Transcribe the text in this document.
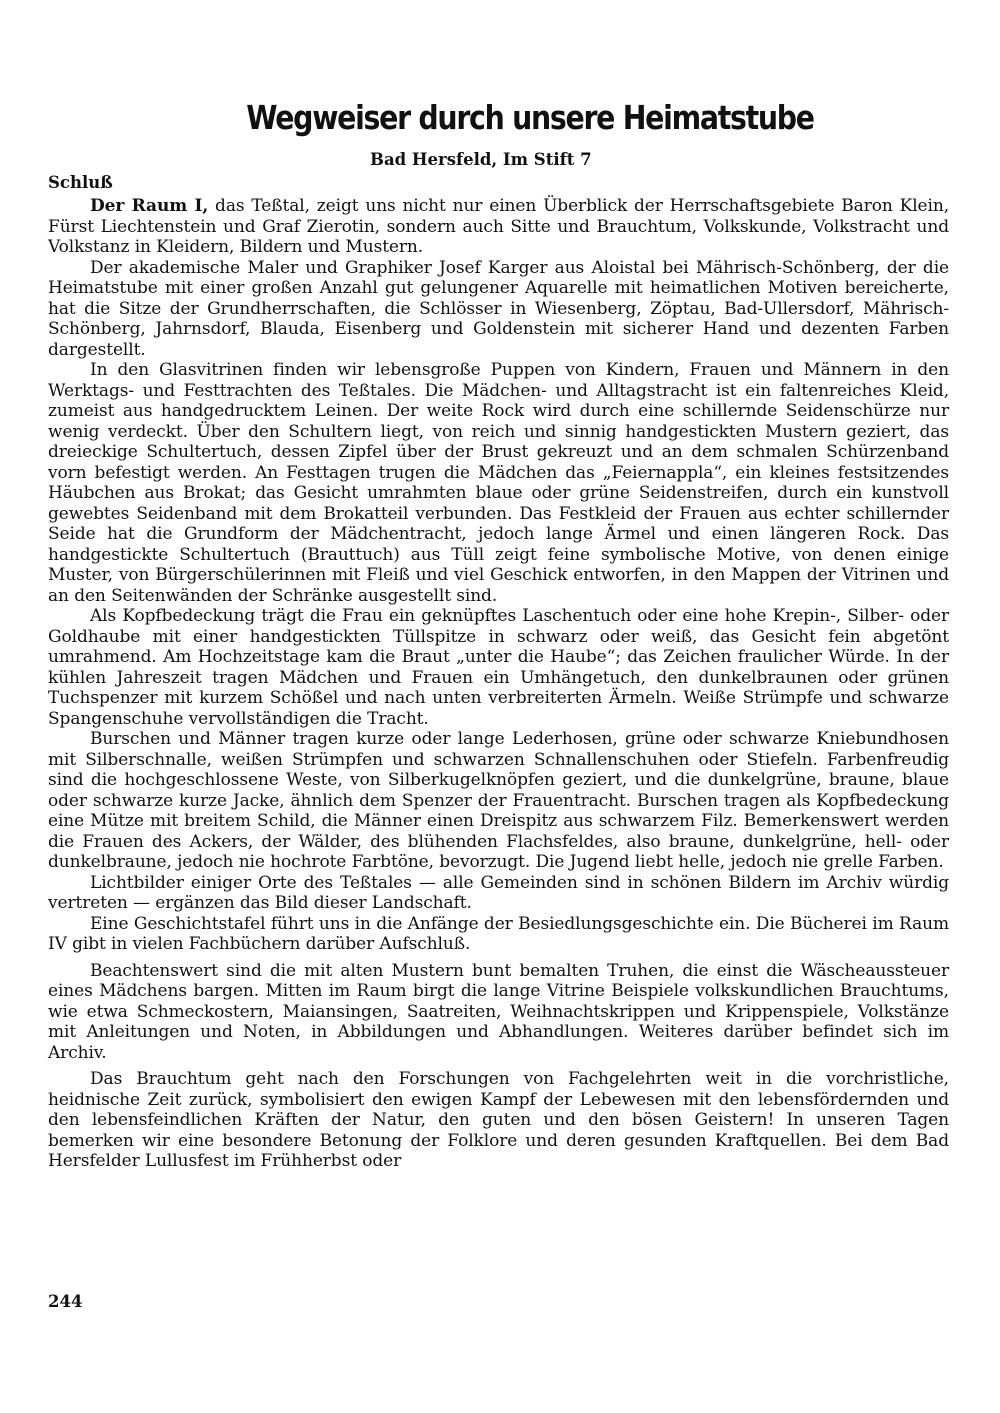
Wegweiser durch unsere Heimatstube
Bad Hersfeld, Im Stift 7
Schluß

Der Raum I, das Teßtal, zeigt uns nicht nur einen Überblick der Herrschaftsgebiete Baron Klein, Fürst Liechtenstein und Graf Zierotin, sondern auch Sitte und Brauchtum, Volkskunde, Volkstracht und Volkstanz in Kleidern, Bildern und Mustern.

Der akademische Maler und Graphiker Josef Karger aus Aloistal bei Mährisch-Schönberg, der die Heimatstube mit einer großen Anzahl gut gelungener Aquarelle mit heimatlichen Motiven bereicherte, hat die Sitze der Grundherrschaften, die Schlösser in Wiesenberg, Zöptau, Bad-Ullersdorf, Mährisch-Schönberg, Jahrnsdorf, Blauda, Eisenberg und Goldenstein mit sicherer Hand und dezenten Farben dargestellt.

In den Glasvitrinen finden wir lebensgroße Puppen von Kindern, Frauen und Männern in den Werktags- und Festtrachten des Teßtales. Die Mädchen- und Alltagstracht ist ein faltenreiches Kleid, zumeist aus handgedrucktem Leinen. Der weite Rock wird durch eine schillernde Seidenschürze nur wenig verdeckt. Über den Schultern liegt, von reich und sinnig handgestickten Mustern geziert, das dreieckige Schultertuch, dessen Zipfel über der Brust gekreuzt und an dem schmalen Schürzenband vorn befestigt werden. An Festtagen trugen die Mädchen das „Feiernappla“, ein kleines festsitzendes Häubchen aus Brokat; das Gesicht umrahmten blaue oder grüne Seidenstreifen, durch ein kunstvoll gewebtes Seidenband mit dem Brokatteil verbunden. Das Festkleid der Frauen aus echter schillernder Seide hat die Grundform der Mädchentracht, jedoch lange Ärmel und einen längeren Rock. Das handgestickte Schultertuch (Brauttuch) aus Tüll zeigt feine symbolische Motive, von denen einige Muster, von Bürgerschülerinnen mit Fleiß und viel Geschick entworfen, in den Mappen der Vitrinen und an den Seitenwänden der Schränke ausgestellt sind.

Als Kopfbedeckung trägt die Frau ein geknüpftes Laschentuch oder eine hohe Krepin-, Silber- oder Goldhaube mit einer handgestickten Tüllspitze in schwarz oder weiß, das Gesicht fein abgetönt umrahmend. Am Hochzeitstage kam die Braut „unter die Haube“; das Zeichen fraulicher Würde. In der kühlen Jahreszeit tragen Mädchen und Frauen ein Umhängetuch, den dunkelbraunen oder grünen Tuchspenzer mit kurzem Schößel und nach unten verbreiterten Ärmeln. Weiße Strümpfe und schwarze Spangenschuhe vervollständigen die Tracht.

Burschen und Männer tragen kurze oder lange Lederhosen, grüne oder schwarze Kniebundhosen mit Silberschnalle, weißen Strümpfen und schwarzen Schnallenschuhen oder Stiefeln. Farbenfreudig sind die hochgeschlossene Weste, von Silberkugelknöpfen geziert, und die dunkelgrüne, braune, blaue oder schwarze kurze Jacke, ähnlich dem Spenzer der Frauentracht. Burschen tragen als Kopfbedeckung eine Mütze mit breitem Schild, die Männer einen Dreispitz aus schwarzem Filz. Bemerkenswert werden die Frauen des Ackers, der Wälder, des blühenden Flachsfeldes, also braune, dunkelgrüne, hell- oder dunkelbraune, jedoch nie hochrote Farbtöne, bevorzugt. Die Jugend liebt helle, jedoch nie grelle Farben.

Lichtbilder einiger Orte des Teßtales — alle Gemeinden sind in schönen Bildern im Archiv würdig vertreten — ergänzen das Bild dieser Landschaft.

Eine Geschichtstafel führt uns in die Anfänge der Besiedlungsgeschichte ein. Die Bücherei im Raum IV gibt in vielen Fachbüchern darüber Aufschluß.

Beachtenswert sind die mit alten Mustern bunt bemalten Truhen, die einst die Wäscheaussteuer eines Mädchens bargen. Mitten im Raum birgt die lange Vitrine Beispiele volkskundlichen Brauchtums, wie etwa Schmeckostern, Maiansingen, Saatreiten, Weihnachtskrippen und Krippenspiele, Volkstänze mit Anleitungen und Noten, in Abbildungen und Abhandlungen. Weiteres darüber befindet sich im Archiv.

Das Brauchtum geht nach den Forschungen von Fachgelehrten weit in die vorchristliche, heidnische Zeit zurück, symbolisiert den ewigen Kampf der Lebewesen mit den lebensfördernden und den lebensfeindlichen Kräften der Natur, den guten und den bösen Geistern! In unseren Tagen bemerken wir eine besondere Betonung der Folklore und deren gesunden Kraftquellen. Bei dem Bad Hersfelder Lullusfest im Frühherbst oder

244
